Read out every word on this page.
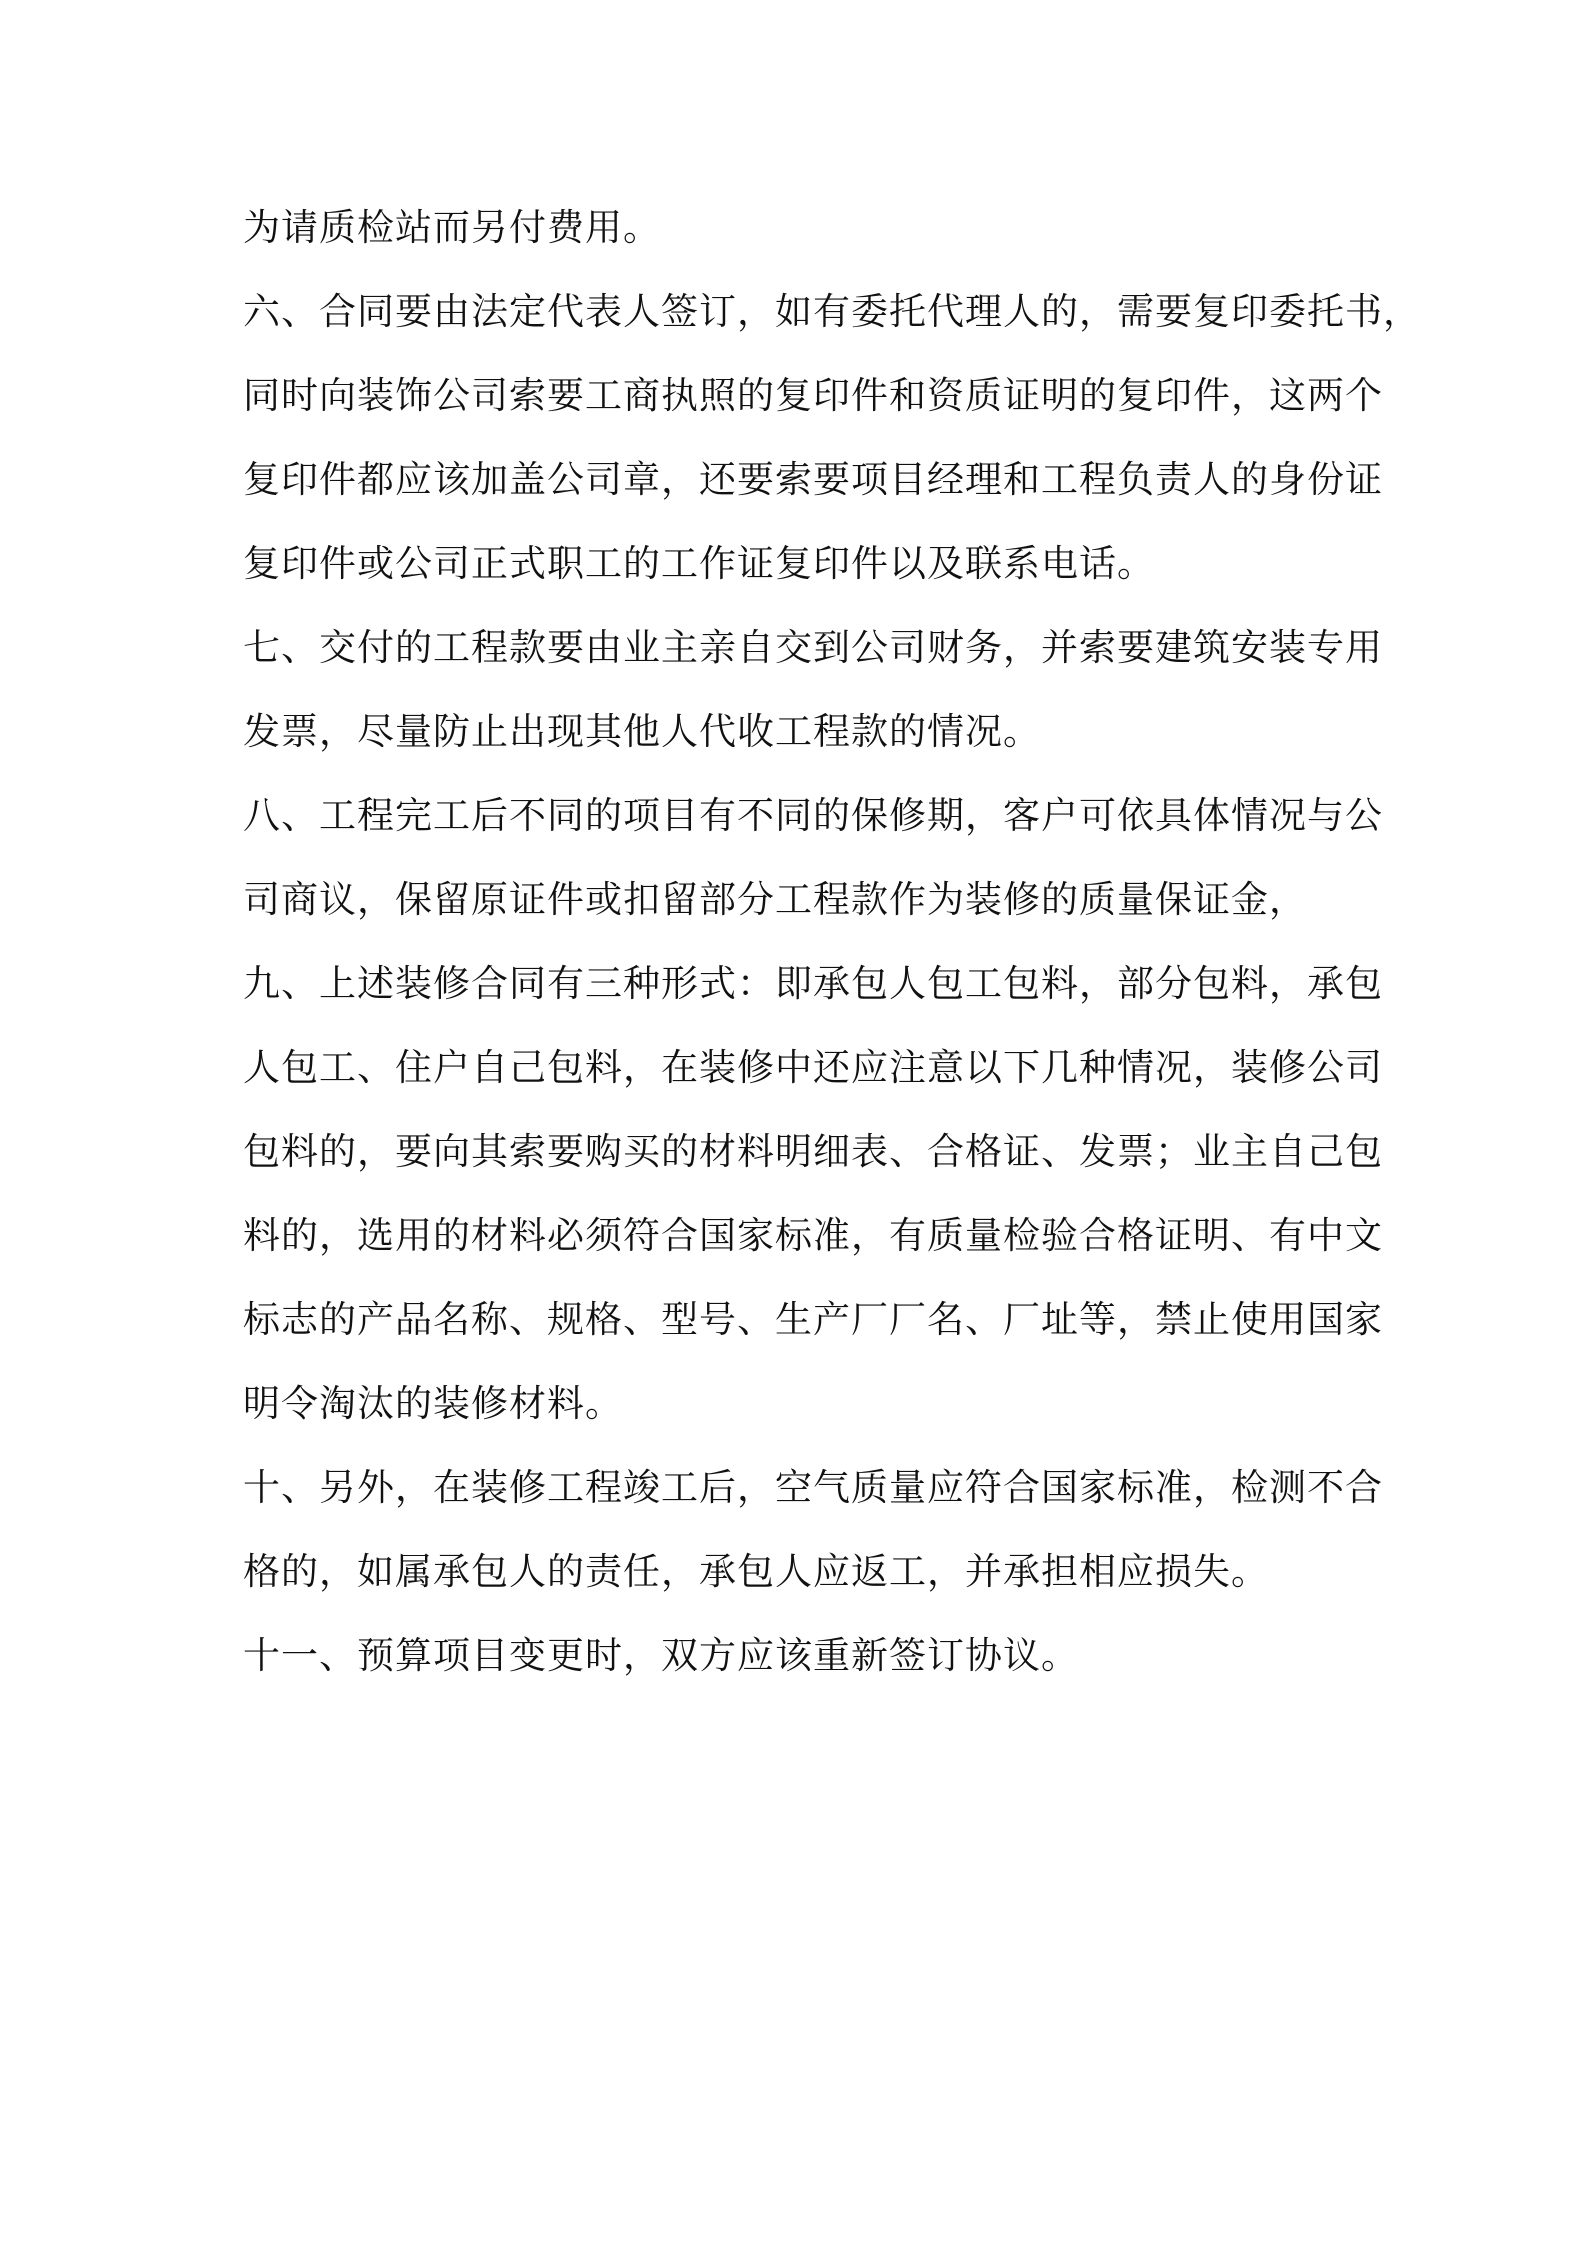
为请质检站而另付费用。

六、合同要由法定代表人签订，如有委托代理人的，需要复印委托书，

同时向装饰公司索要工商执照的复印件和资质证明的复印件，这两个

复印件都应该加盖公司章，还要索要项目经理和工程负责人的身份证

复印件或公司正式职工的工作证复印件以及联系电话。

七、交付的工程款要由业主亲自交到公司财务，并索要建筑安装专用

发票，尽量防止出现其他人代收工程款的情况。

八、工程完工后不同的项目有不同的保修期，客户可依具体情况与公

司商议，保留原证件或扣留部分工程款作为装修的质量保证金，

九、上述装修合同有三种形式：即承包人包工包料，部分包料，承包

人包工、住户自己包料，在装修中还应注意以下几种情况，装修公司

包料的，要向其索要购买的材料明细表、合格证、发票；业主自己包

料的，选用的材料必须符合国家标准，有质量检验合格证明、有中文

标志的产品名称、规格、型号、生产厂厂名、厂址等，禁止使用国家

明令淘汰的装修材料。

十、另外，在装修工程竣工后，空气质量应符合国家标准，检测不合

格的，如属承包人的责任，承包人应返工，并承担相应损失。

十一、预算项目变更时，双方应该重新签订协议。
